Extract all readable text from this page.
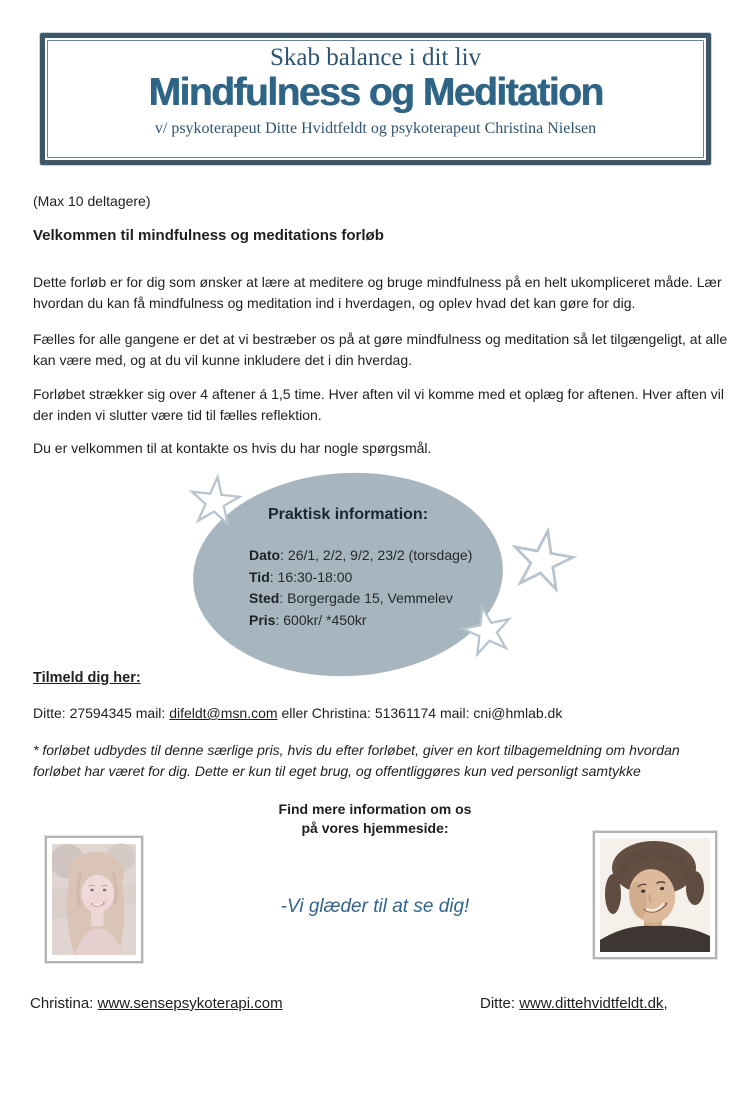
Skab balance i dit liv
Mindfulness og Meditation
v/ psykoterapeut Ditte Hvidtfeldt og psykoterapeut Christina Nielsen
(Max 10 deltagere)
Velkommen til mindfulness og meditations forløb
Dette forløb er for dig som ønsker at lære at meditere og bruge mindfulness på en helt ukompliceret måde. Lær hvordan du kan få mindfulness og meditation ind i hverdagen, og oplev hvad det kan gøre for dig.
Fælles for alle gangene er det at vi bestræber os på at gøre mindfulness og meditation så let tilgængeligt, at alle kan være med, og at du vil kunne inkludere det i din hverdag.
Forløbet strækker sig over 4 aftener á 1,5 time. Hver aften vil vi komme med et oplæg for aftenen. Hver aften vil der inden vi slutter være tid til fælles reflektion.
Du er velkommen til at kontakte os hvis du har nogle spørgsmål.
Praktisk information:
Dato: 26/1, 2/2, 9/2, 23/2 (torsdage)
Tid: 16:30-18:00
Sted: Borgergade 15, Vemmelev
Pris: 600kr/ *450kr
Tilmeld dig her:
Ditte: 27594345 mail: difeldt@msn.com eller Christina: 51361174 mail: cni@hmlab.dk
* forløbet udbydes til denne særlige pris, hvis du efter forløbet, giver en kort tilbagemeldning om hvordan forløbet har været for dig. Dette er kun til eget brug, og offentliggøres kun ved personligt samtykke
Find mere information om os
på vores hjemmeside:
-Vi glæder til at se dig!
Christina: www.sensepsykoterapi.com	Ditte: www.dittehvidtfeldt.dk,
